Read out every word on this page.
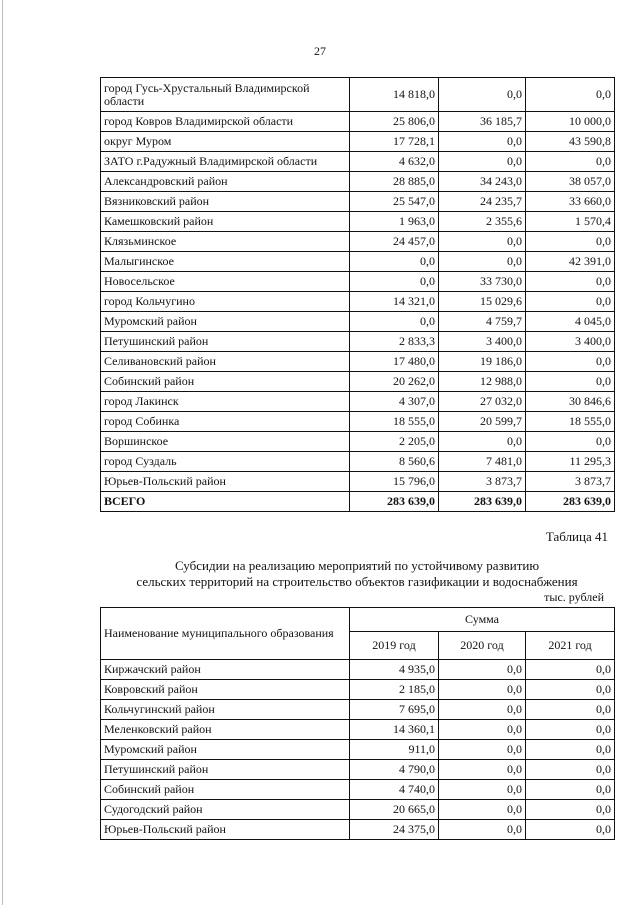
27
город Гусь-Хрустальный Владимирской области	14 818,0	0,0	0,0
город Ковров Владимирской области	25 806,0	36 185,7	10 000,0
округ Муром	17 728,1	0,0	43 590,8
ЗАТО г.Радужный Владимирской области	4 632,0	0,0	0,0
Александровский район	28 885,0	34 243,0	38 057,0
Вязниковский район	25 547,0	24 235,7	33 660,0
Камешковский район	1 963,0	2 355,6	1 570,4
Клязьминское	24 457,0	0,0	0,0
Малыгинское	0,0	0,0	42 391,0
Новосельское	0,0	33 730,0	0,0
город Кольчугино	14 321,0	15 029,6	0,0
Муромский район	0,0	4 759,7	4 045,0
Петушинский район	2 833,3	3 400,0	3 400,0
Селивановский район	17 480,0	19 186,0	0,0
Собинский район	20 262,0	12 988,0	0,0
город Лакинск	4 307,0	27 032,0	30 846,6
город Собинка	18 555,0	20 599,7	18 555,0
Воршинское	2 205,0	0,0	0,0
город Суздаль	8 560,6	7 481,0	11 295,3
Юрьев-Польский район	15 796,0	3 873,7	3 873,7
ВСЕГО	283 639,0	283 639,0	283 639,0
Таблица 41
Субсидии на реализацию мероприятий по устойчивому развитию
сельских территорий на строительство объектов газификации и водоснабжения
тыс. рублей
Наименование муниципального образования	Сумма		
	2019 год	2020 год	2021 год
Киржачский район	4 935,0	0,0	0,0
Ковровский район	2 185,0	0,0	0,0
Кольчугинский район	7 695,0	0,0	0,0
Меленковский район	14 360,1	0,0	0,0
Муромский район	911,0	0,0	0,0
Петушинский район	4 790,0	0,0	0,0
Собинский район	4 740,0	0,0	0,0
Судогодский район	20 665,0	0,0	0,0
Юрьев-Польский район	24 375,0	0,0	0,0
